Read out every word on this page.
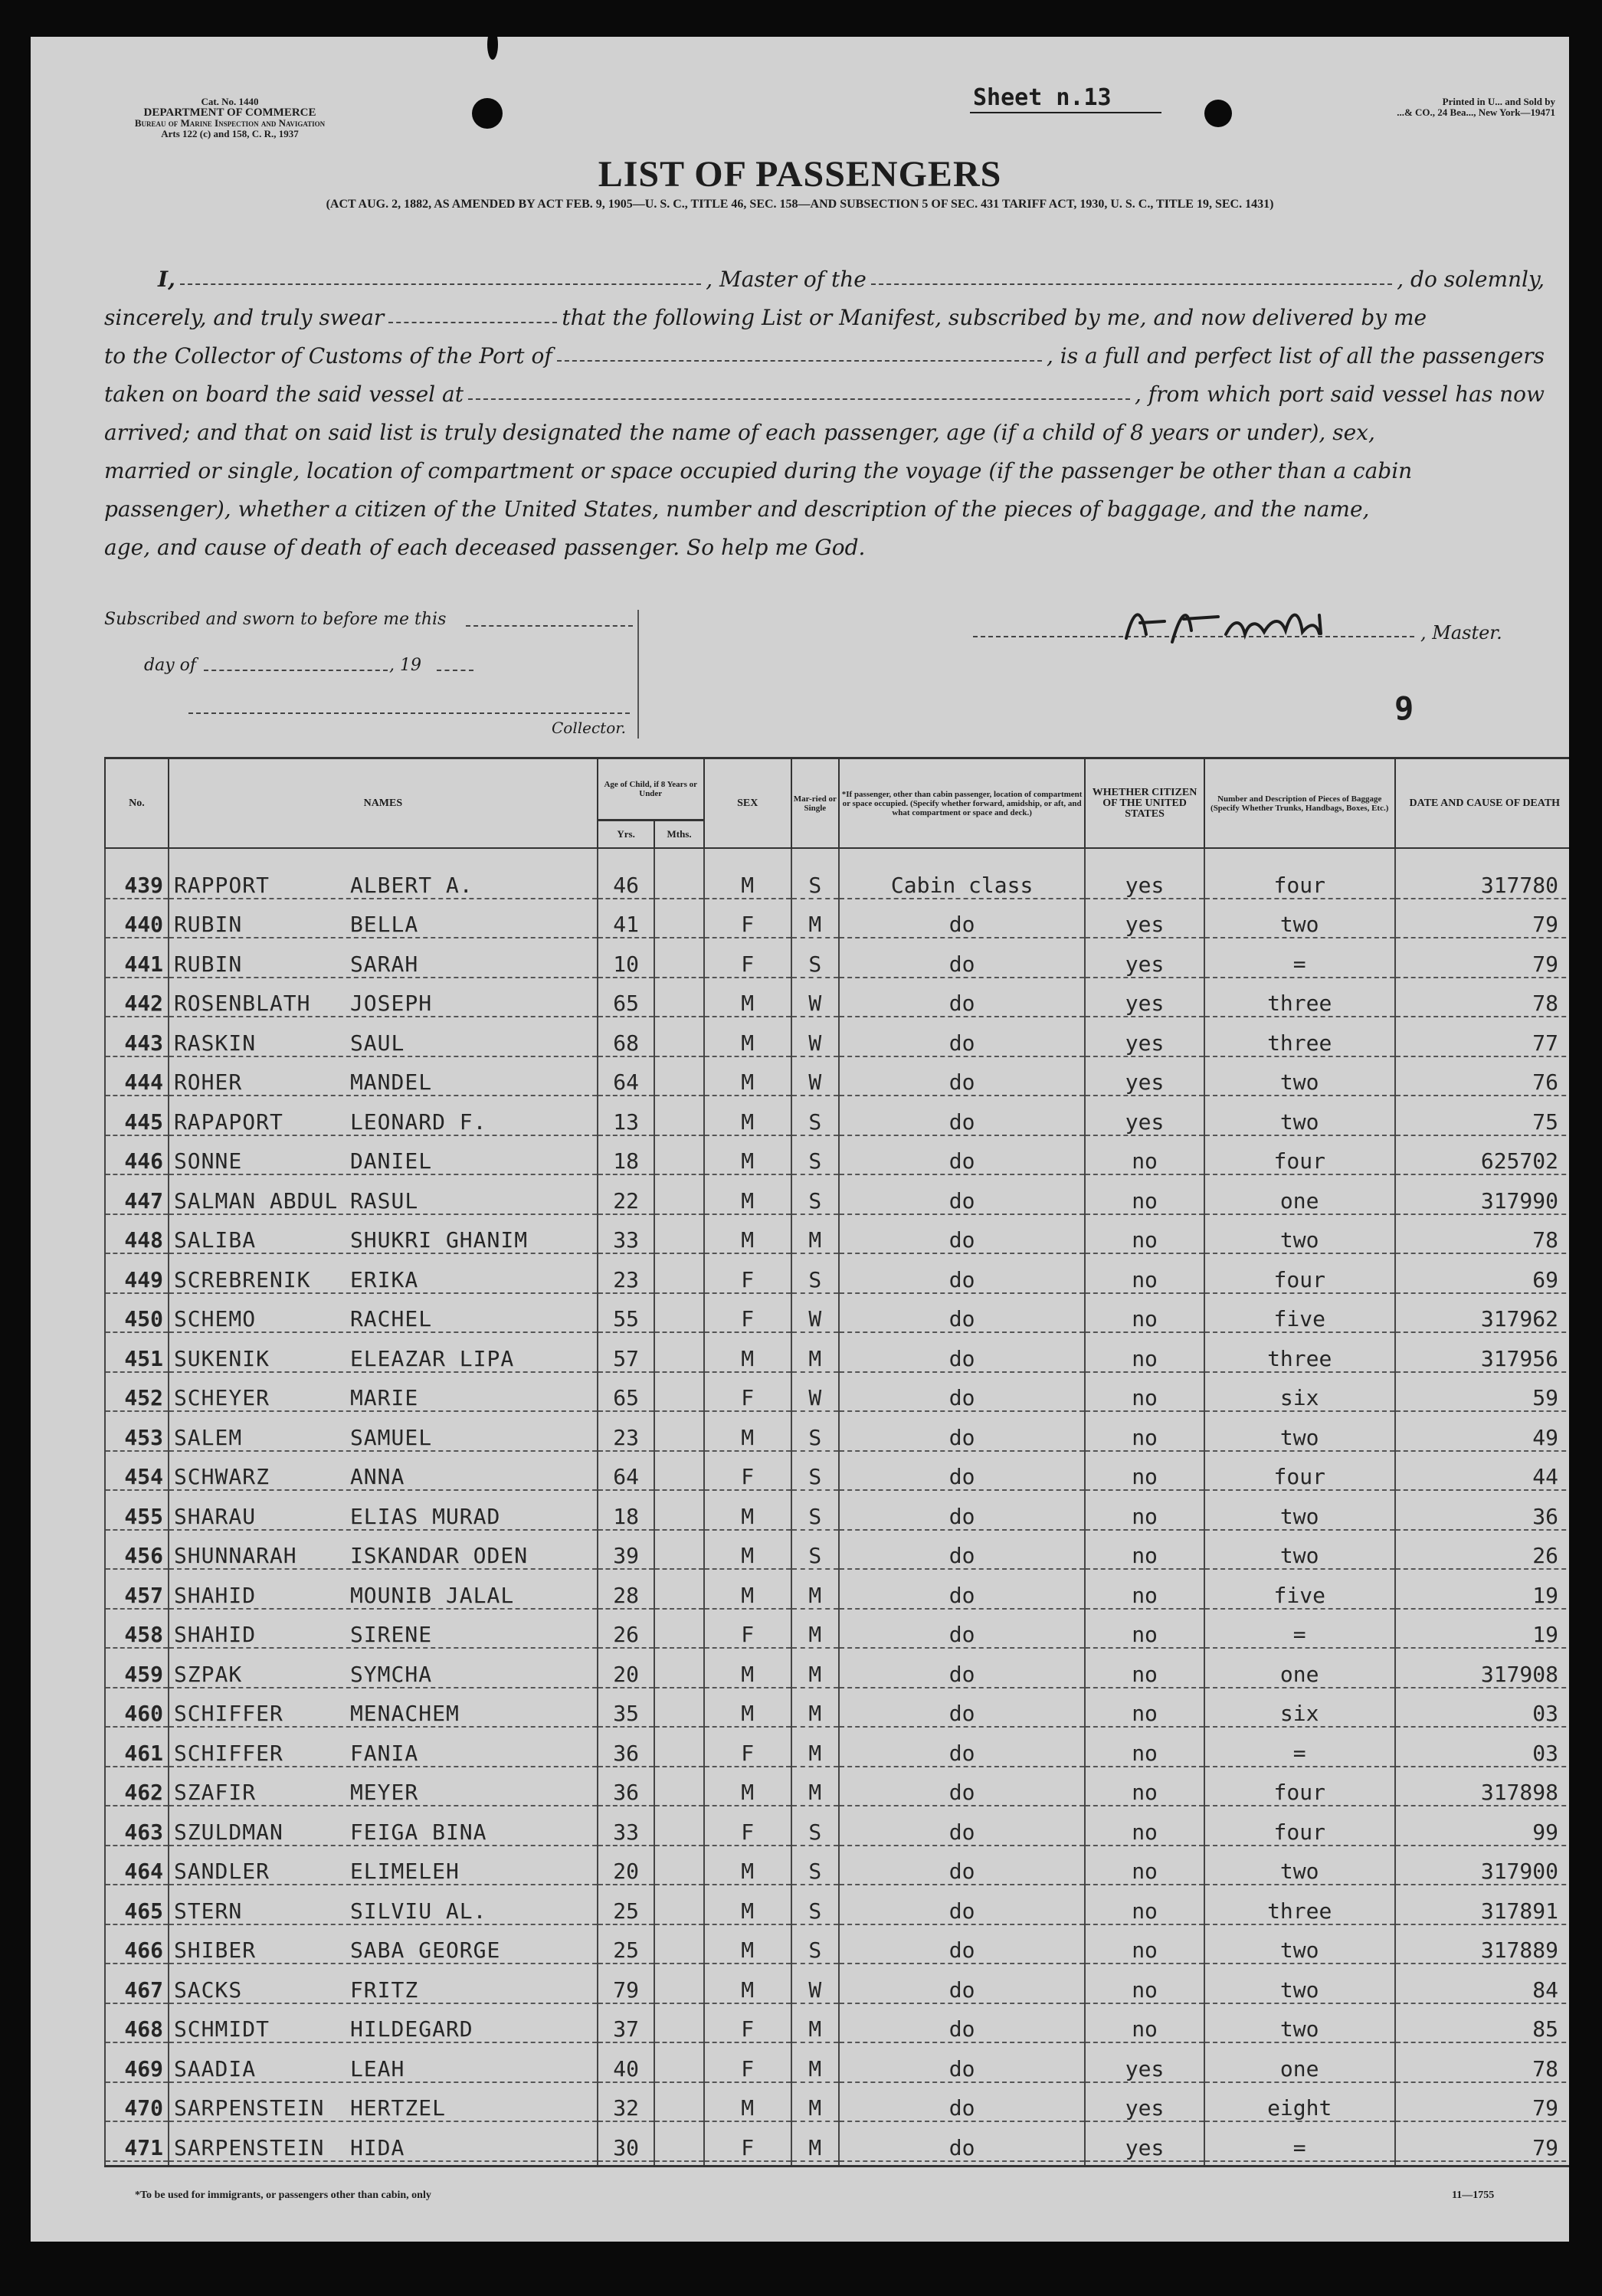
Cat. No. 1440
DEPARTMENT OF COMMERCE
Bureau of Marine Inspection and Navigation
Arts 122 (c) and 158, C. R., 1937
Sheet n.13	Printed in U... and Sold by
...& CO., 24 Bea..., New York—19471
LIST OF PASSENGERS
(ACT AUG. 2, 1882, AS AMENDED BY ACT FEB. 9, 1905—U. S. C., TITLE 46, SEC. 158—AND SUBSECTION 5 OF SEC. 431 TARIFF ACT, 1930, U. S. C., TITLE 19, SEC. 1431)
I,	, Master of the	, do solemnly,
sincerely, and truly swear	that the following List or Manifest, subscribed by me, and now delivered by me
to the Collector of Customs of the Port of	, is a full and perfect list of all the passengers
taken on board the said vessel at	, from which port said vessel has now
arrived; and that on said list is truly designated the name of each passenger, age (if a child of 8 years or under), sex,
married or single, location of compartment or space occupied during the voyage (if the passenger be other than a cabin
passenger), whether a citizen of the United States, number and description of the pieces of baggage, and the name,
age, and cause of death of each deceased passenger. So help me God.
Subscribed and sworn to before me this
day of	, 19
Collector.
, Master.
9
No.	NAMES	Age of Child, if 8 Years or Under		SEX	Mar-ried or Single	*If passenger, other than cabin passenger, location of compartment or space occupied. (Specify whether forward, amidship, or aft, and what compartment or space and deck.)	WHETHER CITIZEN OF THE UNITED STATES	Number and Description of Pieces of Baggage (Specify Whether Trunks, Handbags, Boxes, Etc.)	DATE AND CAUSE OF DEATH
		Yrs.	Mths.						
439	RAPPORT ALBERT A.	46		M	S	Cabin class	yes	four	317780
440	RUBIN BELLA	41		F	M	do	yes	two	79
441	RUBIN SARAH	10		F	S	do	yes	=	79
442	ROSENBLATH JOSEPH	65		M	W	do	yes	three	78
443	RASKIN SAUL	68		M	W	do	yes	three	77
444	ROHER MANDEL	64		M	W	do	yes	two	76
445	RAPAPORT LEONARD F.	13		M	S	do	yes	two	75
446	SONNE DANIEL	18		M	S	do	no	four	625702
447	SALMAN ABDUL RASUL	22		M	S	do	no	one	317990
448	SALIBA SHUKRI GHANIM	33		M	M	do	no	two	78
449	SCREBRENIK ERIKA	23		F	S	do	no	four	69
450	SCHEMO RACHEL	55		F	W	do	no	five	317962
451	SUKENIK ELEAZAR LIPA	57		M	M	do	no	three	317956
452	SCHEYER MARIE	65		F	W	do	no	six	59
453	SALEM SAMUEL	23		M	S	do	no	two	49
454	SCHWARZ ANNA	64		F	S	do	no	four	44
455	SHARAU ELIAS MURAD	18		M	S	do	no	two	36
456	SHUNNARAH ISKANDAR ODEN	39		M	S	do	no	two	26
457	SHAHID MOUNIB JALAL	28		M	M	do	no	five	19
458	SHAHID SIRENE	26		F	M	do	no	=	19
459	SZPAK SYMCHA	20		M	M	do	no	one	317908
460	SCHIFFER MENACHEM	35		M	M	do	no	six	03
461	SCHIFFER FANIA	36		F	M	do	no	=	03
462	SZAFIR MEYER	36		M	M	do	no	four	317898
463	SZULDMAN FEIGA BINA	33		F	S	do	no	four	99
464	SANDLER ELIMELEH	20		M	S	do	no	two	317900
465	STERN SILVIU AL.	25		M	S	do	no	three	317891
466	SHIBER SABA GEORGE	25		M	S	do	no	two	317889
467	SACKS FRITZ	79		M	W	do	no	two	84
468	SCHMIDT HILDEGARD	37		F	M	do	no	two	85
469	SAADIA LEAH	40		F	M	do	yes	one	78
470	SARPENSTEIN HERTZEL	32		M	M	do	yes	eight	79
471	SARPENSTEIN HIDA	30		F	M	do	yes	=	79

*To be used for immigrants, or passengers other than cabin, only	11—1755
